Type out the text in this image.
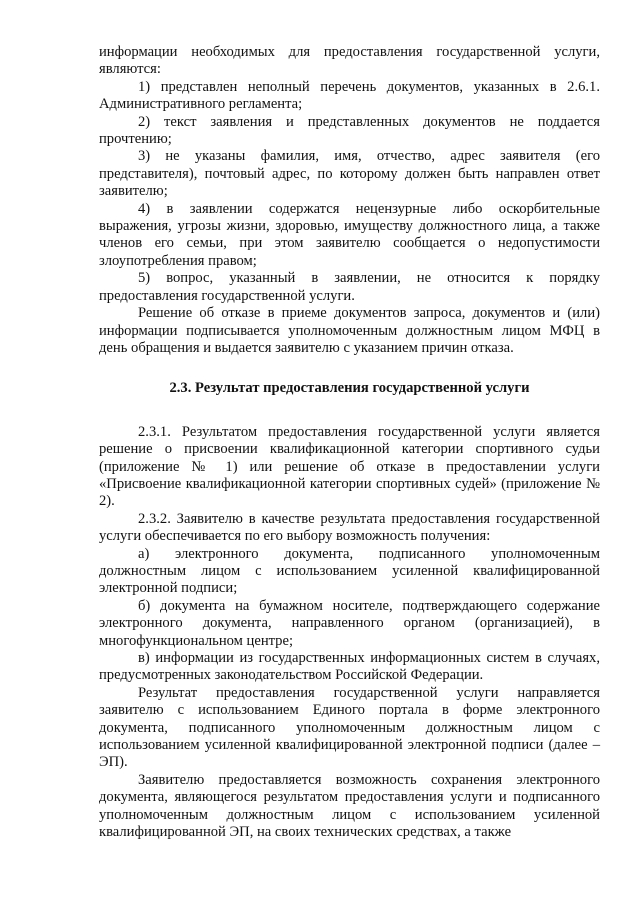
информации необходимых для предоставления государственной услуги, являются:

1) представлен неполный перечень документов, указанных в 2.6.1. Административного регламента;

2) текст заявления и представленных документов не поддается прочтению;

3) не указаны фамилия, имя, отчество, адрес заявителя (его представителя), почтовый адрес, по которому должен быть направлен ответ заявителю;

4) в заявлении содержатся нецензурные либо оскорбительные выражения, угрозы жизни, здоровью, имуществу должностного лица, а также членов его семьи, при этом заявителю сообщается о недопустимости злоупотребления правом;

5) вопрос, указанный в заявлении, не относится к порядку предоставления государственной услуги.

Решение об отказе в приеме документов запроса, документов и (или) информации подписывается уполномоченным должностным лицом МФЦ в день обращения и выдается заявителю с указанием причин отказа.

2.3. Результат предоставления государственной услуги

2.3.1. Результатом предоставления государственной услуги является решение о присвоении квалификационной категории спортивного судьи (приложение № 1) или решение об отказе в предоставлении услуги «Присвоение квалификационной категории спортивных судей» (приложение № 2).

2.3.2. Заявителю в качестве результата предоставления государственной услуги обеспечивается по его выбору возможность получения:

а) электронного документа, подписанного уполномоченным должностным лицом с использованием усиленной квалифицированной электронной подписи;

б) документа на бумажном носителе, подтверждающего содержание электронного документа, направленного органом (организацией), в многофункциональном центре;

в) информации из государственных информационных систем в случаях, предусмотренных законодательством Российской Федерации.

Результат предоставления государственной услуги направляется заявителю с использованием Единого портала в форме электронного документа, подписанного уполномоченным должностным лицом с использованием усиленной квалифицированной электронной подписи (далее – ЭП).

Заявителю предоставляется возможность сохранения электронного документа, являющегося результатом предоставления услуги и подписанного уполномоченным должностным лицом с использованием усиленной квалифицированной ЭП, на своих технических средствах, а также
